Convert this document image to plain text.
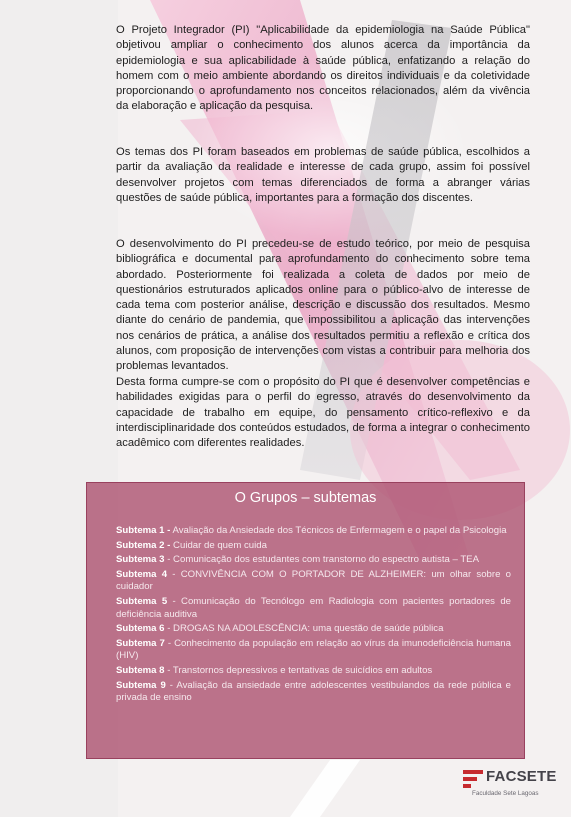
O Projeto Integrador (PI) "Aplicabilidade da epidemiologia na Saúde Pública" objetivou ampliar o conhecimento dos alunos acerca da importância da epidemiologia e sua aplicabilidade à saúde pública, enfatizando a relação do homem com o meio ambiente abordando os direitos individuais e da coletividade proporcionando o aprofundamento nos conceitos relacionados, além da vivência da elaboração e aplicação da pesquisa.

Os temas dos PI foram baseados em problemas de saúde pública, escolhidos a partir da avaliação da realidade e interesse de cada grupo, assim foi possível desenvolver projetos com temas diferenciados de forma a abranger várias questões de saúde pública, importantes para a formação dos discentes.

O desenvolvimento do PI precedeu-se de estudo teórico, por meio de pesquisa bibliográfica e documental para aprofundamento do conhecimento sobre tema abordado. Posteriormente foi realizada a coleta de dados por meio de questionários estruturados aplicados online para o público-alvo de interesse de cada tema com posterior análise, descrição e discussão dos resultados. Mesmo diante do cenário de pandemia, que impossibilitou a aplicação das intervenções nos cenários de prática, a análise dos resultados permitiu a reflexão e crítica dos alunos, com proposição de intervenções com vistas a contribuir para melhoria dos problemas levantados.

Desta forma cumpre-se com o propósito do PI que é desenvolver competências e habilidades exigidas para o perfil do egresso, através do desenvolvimento da capacidade de trabalho em equipe, do pensamento crítico-reflexivo e da interdisciplinaridade dos conteúdos estudados, de forma a integrar o conhecimento acadêmico com diferentes realidades.

O Grupos – subtemas
Subtema 1 - Avaliação da Ansiedade dos Técnicos de Enfermagem e o papel da Psicologia
Subtema 2 - Cuidar de quem cuida
Subtema 3 - Comunicação dos estudantes com transtorno do espectro autista – TEA
Subtema 4 - CONVIVÊNCIA COM O PORTADOR DE ALZHEIMER: um olhar sobre o cuidador
Subtema 5 - Comunicação do Tecnólogo em Radiologia com pacientes portadores de deficiência auditiva
Subtema 6 - DROGAS NA ADOLESCÊNCIA: uma questão de saúde pública
Subtema 7 - Conhecimento da população em relação ao vírus da imunodeficiência humana (HIV)
Subtema 8 - Transtornos depressivos e tentativas de suicídios em adultos
Subtema 9 - Avaliação da ansiedade entre adolescentes vestibulandos da rede pública e privada de ensino
FACSETE
Faculdade Sete Lagoas
